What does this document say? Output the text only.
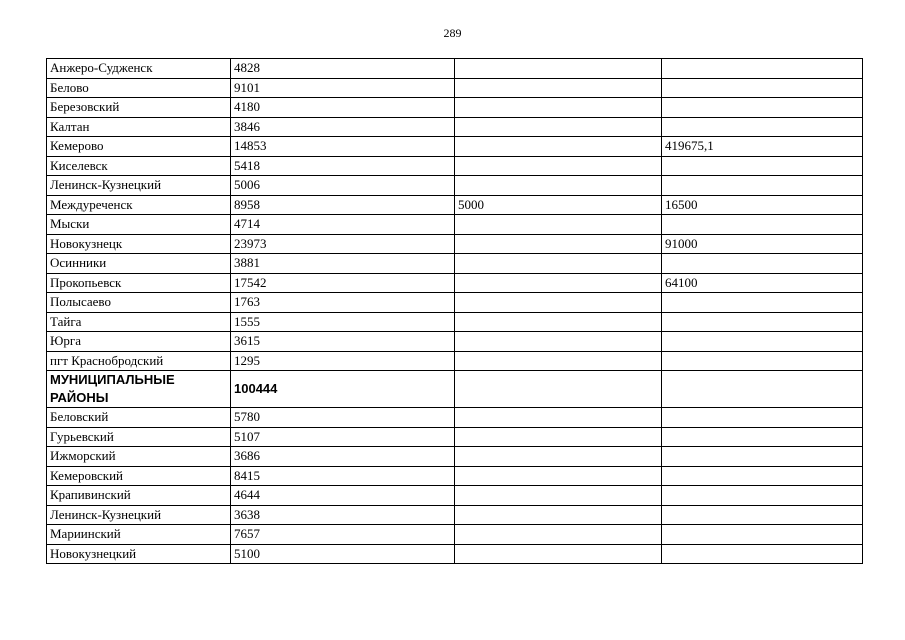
289
Анжеро-Судженск	4828		
Белово	9101		
Березовский	4180		
Калтан	3846		
Кемерово	14853		419675,1
Киселевск	5418		
Ленинск-Кузнецкий	5006		
Междуреченск	8958	5000	16500
Мыски	4714		
Новокузнецк	23973		91000
Осинники	3881		
Прокопьевск	17542		64100
Полысаево	1763		
Тайга	1555		
Юрга	3615		
пгт Краснобродский	1295		
МУНИЦИПАЛЬНЫЕ РАЙОНЫ	100444		
Беловский	5780		
Гурьевский	5107		
Ижморский	3686		
Кемеровский	8415		
Крапивинский	4644		
Ленинск-Кузнецкий	3638		
Мариинский	7657		
Новокузнецкий	5100		
